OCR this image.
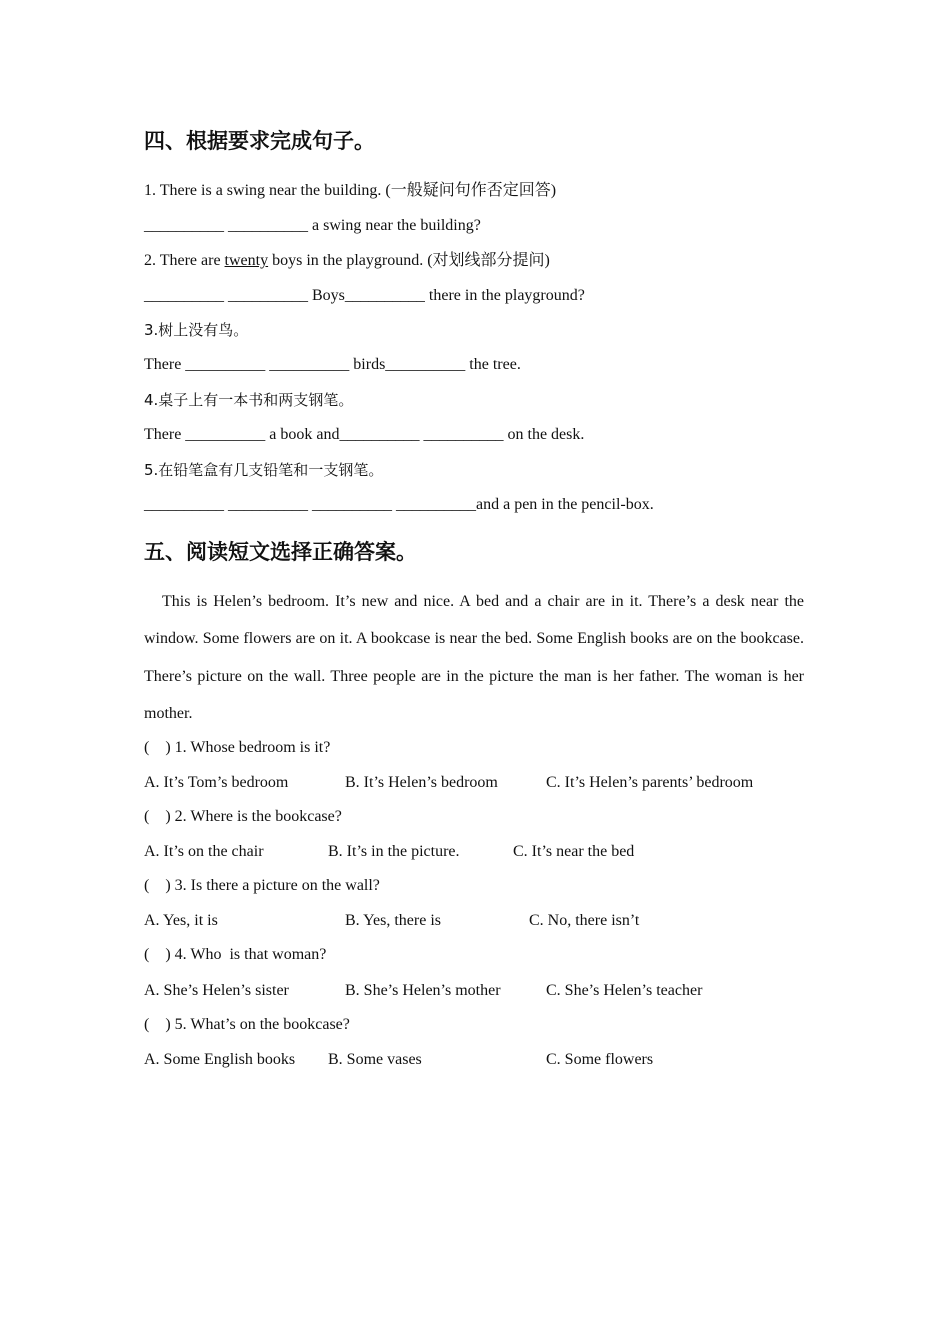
四、根据要求完成句子。
1. There is a swing near the building. (一般疑问句作否定回答)
__________ __________ a swing near the building?
2. There are twenty boys in the playground. (对划线部分提问)
__________ __________ Boys__________ there in the playground?
3.树上没有鸟。
There __________ __________ birds__________ the tree.
4.桌子上有一本书和两支钢笔。
There __________ a book and__________ __________ on the desk.
5.在铅笔盒有几支铅笔和一支钢笔。
__________ __________ __________ __________and a pen in the pencil-box.
五、阅读短文选择正确答案。
This is Helen’s bedroom. It’s new and nice. A bed and a chair are in it. There’s a desk near the window. Some flowers are on it. A bookcase is near the bed. Some English books are on the bookcase. There’s picture on the wall. Three people are in the picture the man is her father. The woman is her mother.
(    ) 1. Whose bedroom is it?
A. It’s Tom’s bedroom	B. It’s Helen’s bedroom	C. It’s Helen’s parents’ bedroom
(    ) 2. Where is the bookcase?
A. It’s on the chair	B. It’s in the picture.	C. It’s near the bed
(    ) 3. Is there a picture on the wall?
A. Yes, it is	B. Yes, there is	C. No, there isn’t
(    ) 4. Who  is that woman?
A. She’s Helen’s sister	B. She’s Helen’s mother	C. She’s Helen’s teacher
(    ) 5. What’s on the bookcase?
A. Some English books B. Some vases	C. Some flowers
